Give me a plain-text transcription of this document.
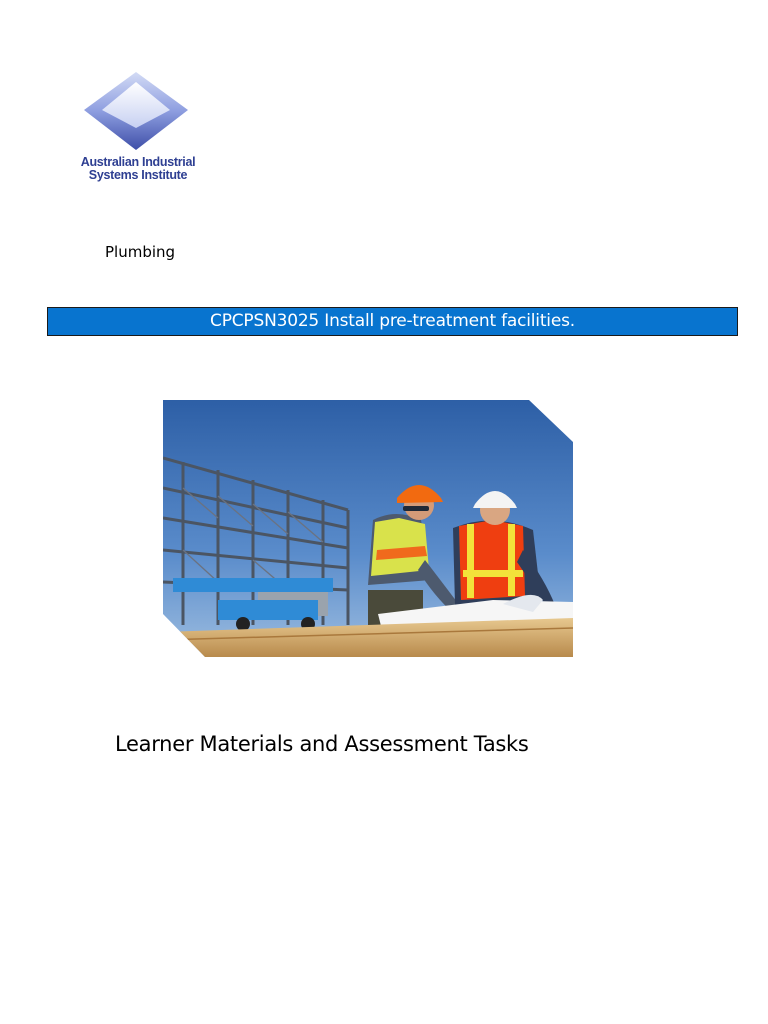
Australian Industrial
Systems Institute
Plumbing
CPCPSN3025 Install pre-treatment facilities.
Learner Materials and Assessment Tasks
